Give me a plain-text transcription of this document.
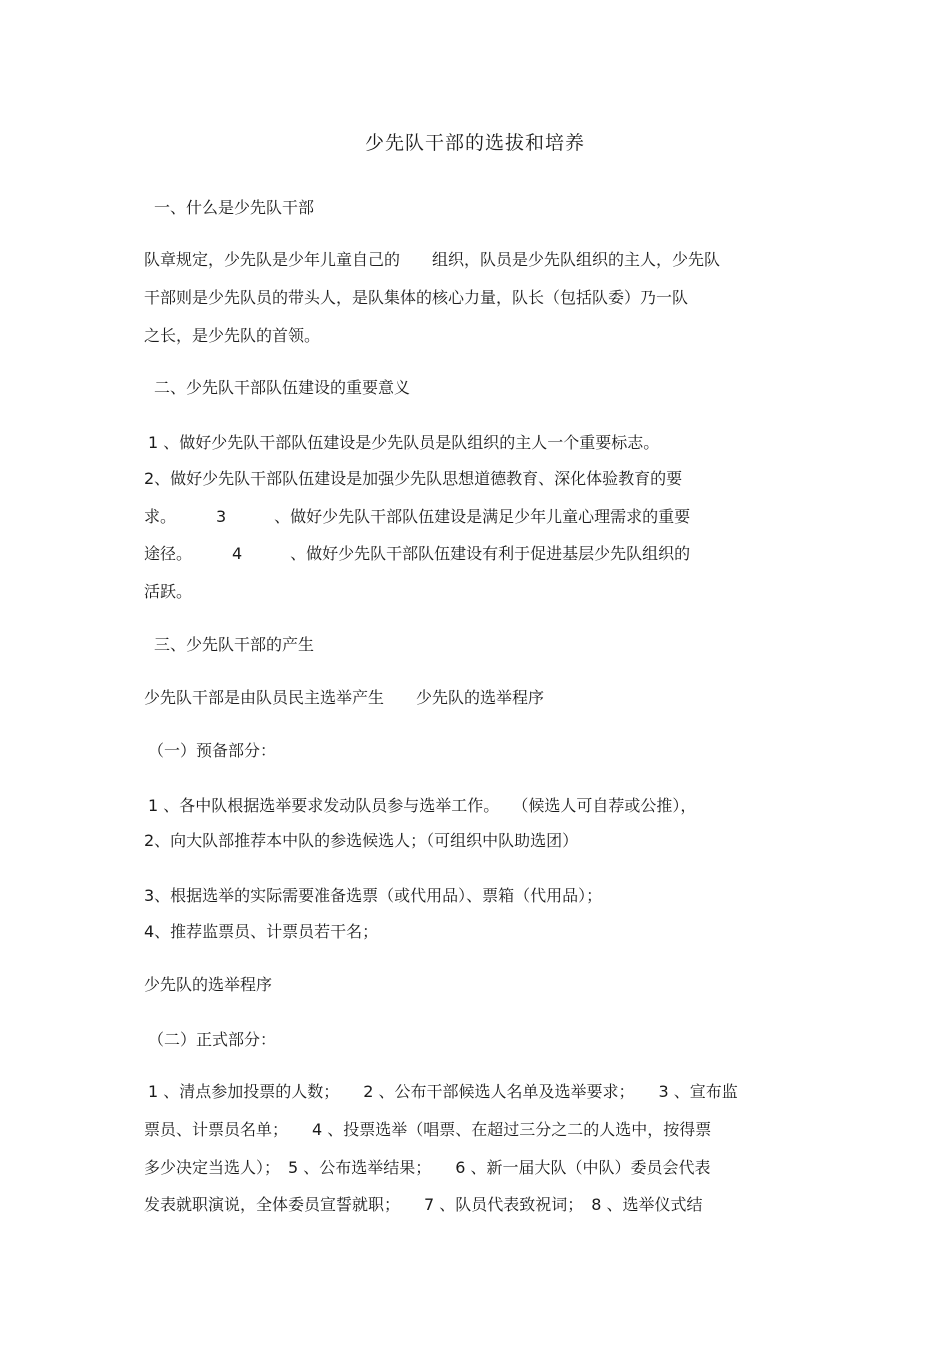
少先队干部的选拔和培养
一、什么是少先队干部
队章规定，少先队是少年儿童自己的　　组织，队员是少先队组织的主人，少先队
干部则是少先队员的带头人，是队集体的核心力量，队长（包括队委）乃一队
之长，是少先队的首领。
二、少先队干部队伍建设的重要意义
1 、做好少先队干部队伍建设是少先队员是队组织的主人一个重要标志。
2、做好少先队干部队伍建设是加强少先队思想道德教育、深化体验教育的要
求。　　　3　　　、做好少先队干部队伍建设是满足少年儿童心理需求的重要
途径。　　　4　　　、做好少先队干部队伍建设有利于促进基层少先队组织的
活跃。
三、少先队干部的产生
少先队干部是由队员民主选举产生　　少先队的选举程序
（一）预备部分：
1 、各中队根据选举要求发动队员参与选举工作。　 （候选人可自荐或公推），
2、向大队部推荐本中队的参选候选人；（可组织中队助选团）
3、根据选举的实际需要准备选票（或代用品）、票箱（代用品）；
4、推荐监票员、计票员若干名；
少先队的选举程序
（二）正式部分：
1 、清点参加投票的人数；　　2 、公布干部候选人名单及选举要求；　　3 、宣布监
票员、计票员名单；　　4 、投票选举（唱票、在超过三分之二的人选中，按得票
多少决定当选人）；　5 、公布选举结果；　　6 、新一届大队（中队）委员会代表
发表就职演说，全体委员宣誓就职；　　7 、队员代表致祝词；　8 、选举仪式结
